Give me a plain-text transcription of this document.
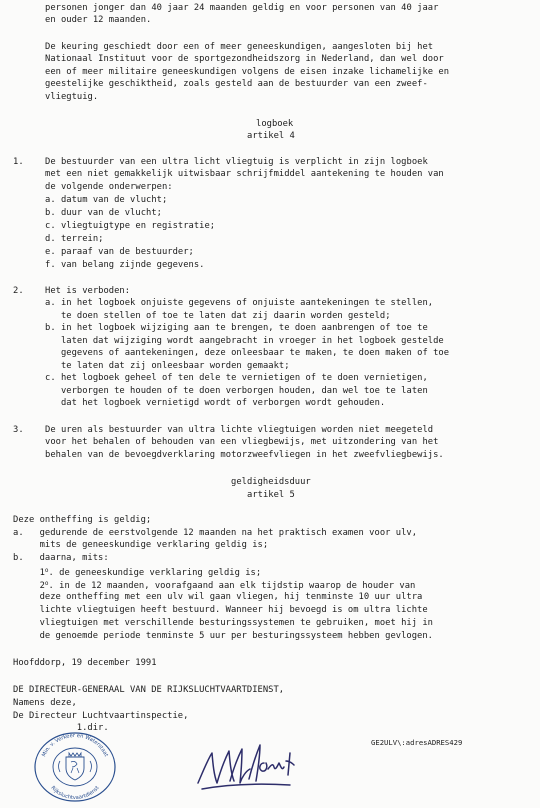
personen jonger dan 40 jaar 24 maanden geldig en voor personen van 40 jaar

en ouder 12 maanden.

De keuring geschiedt door een of meer geneeskundigen, aangesloten bij het

Nationaal Instituut voor de sportgezondheidszorg in Nederland, dan wel door

een of meer militaire geneeskundigen volgens de eisen inzake lichamelijke en

geestelijke geschiktheid, zoals gesteld aan de bestuurder van een zweef-

vliegtuig.

logboek

artikel 4

1. De bestuurder van een ultra licht vliegtuig is verplicht in zijn logboek

met een niet gemakkelijk uitwisbaar schrijfmiddel aantekening te houden van

de volgende onderwerpen:

a. datum van de vlucht;

b. duur van de vlucht;

c. vliegtuigtype en registratie;

d. terrein;

e. paraaf van de bestuurder;

f. van belang zijnde gegevens.

2. Het is verboden:

a. in het logboek onjuiste gegevens of onjuiste aantekeningen te stellen,

te doen stellen of toe te laten dat zij daarin worden gesteld;

b. in het logboek wijziging aan te brengen, te doen aanbrengen of toe te

laten dat wijziging wordt aangebracht in vroeger in het logboek gestelde

gegevens of aantekeningen, deze onleesbaar te maken, te doen maken of toe

te laten dat zij onleesbaar worden gemaakt;

c. het logboek geheel of ten dele te vernietigen of te doen vernietigen,

verborgen te houden of te doen verborgen houden, dan wel toe te laten

dat het logboek vernietigd wordt of verborgen wordt gehouden.

3. De uren als bestuurder van ultra lichte vliegtuigen worden niet meegeteld

voor het behalen of behouden van een vliegbewijs, met uitzondering van het

behalen van de bevoegdverklaring motorzweefvliegen in het zweefvliegbewijs.

geldigheidsduur

artikel 5

Deze ontheffing is geldig;

a.   gedurende de eerstvolgende 12 maanden na het praktisch examen voor ulv,

mits de geneeskundige verklaring geldig is;

b.   daarna, mits:

1$^o$. de geneeskundige verklaring geldig is;

2$^o$. in de 12 maanden, voorafgaand aan elk tijdstip waarop de houder van

deze ontheffing met een ulv wil gaan vliegen, hij tenminste 10 uur ultra

lichte vliegtuigen heeft bestuurd. Wanneer hij bevoegd is om ultra lichte

vliegtuigen met verschillende besturingssystemen te gebruiken, moet hij in

de genoemde periode tenminste 5 uur per besturingssysteem hebben gevlogen.

Hoofddorp, 19 december 1991

DE DIRECTEUR-GENERAAL VAN DE RIJKSLUCHTVAARTDIENST,

Namens deze,

De Directeur Luchtvaartinspectie,

1.dir.

GE2ULV\:adresADRES429

Min. v. Verkeer en Waterstaat
Rijksluchtvaartdienst
